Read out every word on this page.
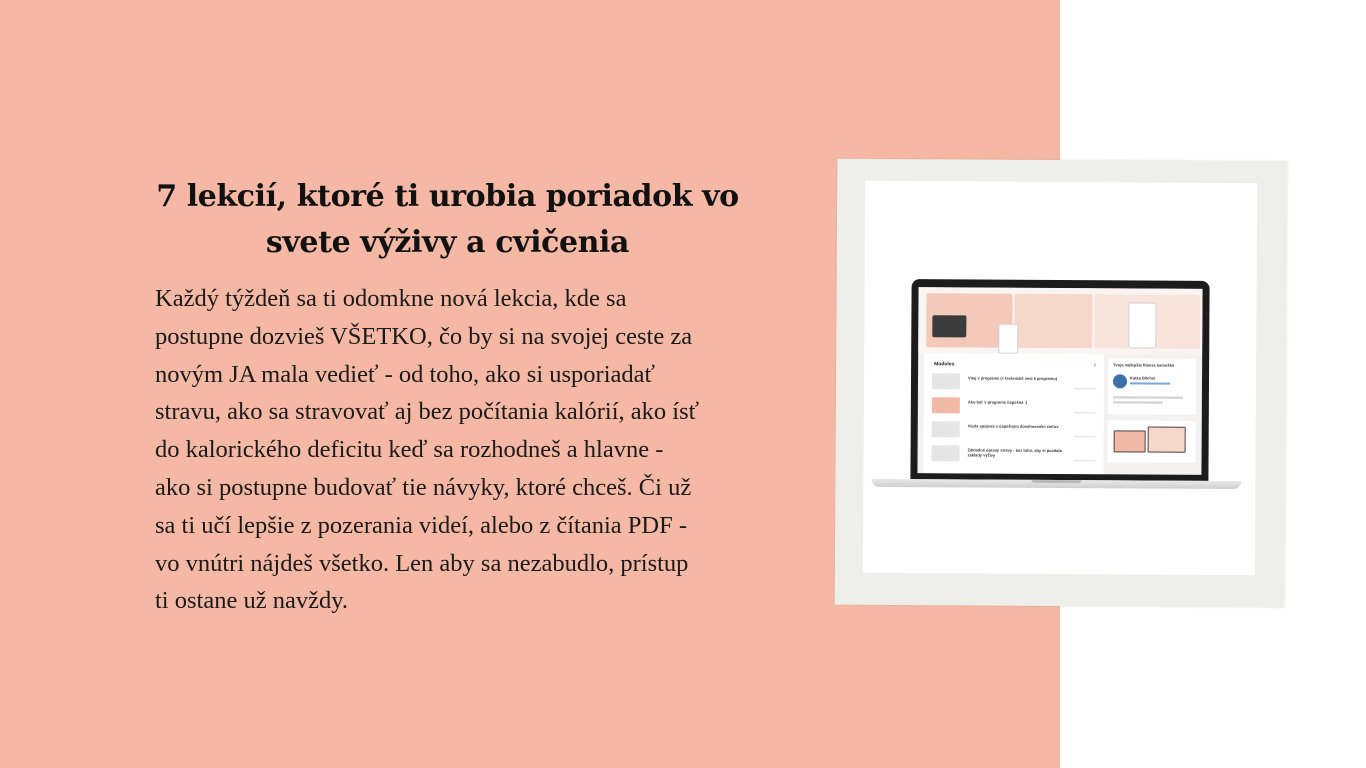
7 lekcií, ktoré ti urobia poriadok vo svete výživy a cvičenia

Každý týždeň sa ti odomkne nová lekcia, kde sa postupne dozvieš VŠETKO, čo by si na svojej ceste za novým JA mala vedieť - od toho, ako si usporiadať stravu, ako sa stravovať aj bez počítania kalórií, ako ísť do kalorického deficitu keď sa rozhodneš a hlavne - ako si postupne budovať tie návyky, ktoré chceš. Či už sa ti učí lepšie z pozerania videí, alebo z čítania PDF - vo vnútri nájdeš všetko. Len aby sa nezabudlo, prístup ti ostane už navždy.

Modules	6
Vitaj v programe (+ technické veci k programu)
Ako byť v programe úspešná :)
Vieda spojená s úspešným dosahovaním cieľov
Základné úpravy stravy - bez toho, aby si pocitala základy výživy
Tvoja najlepšia fitness kamoška
Katka Bilcher
